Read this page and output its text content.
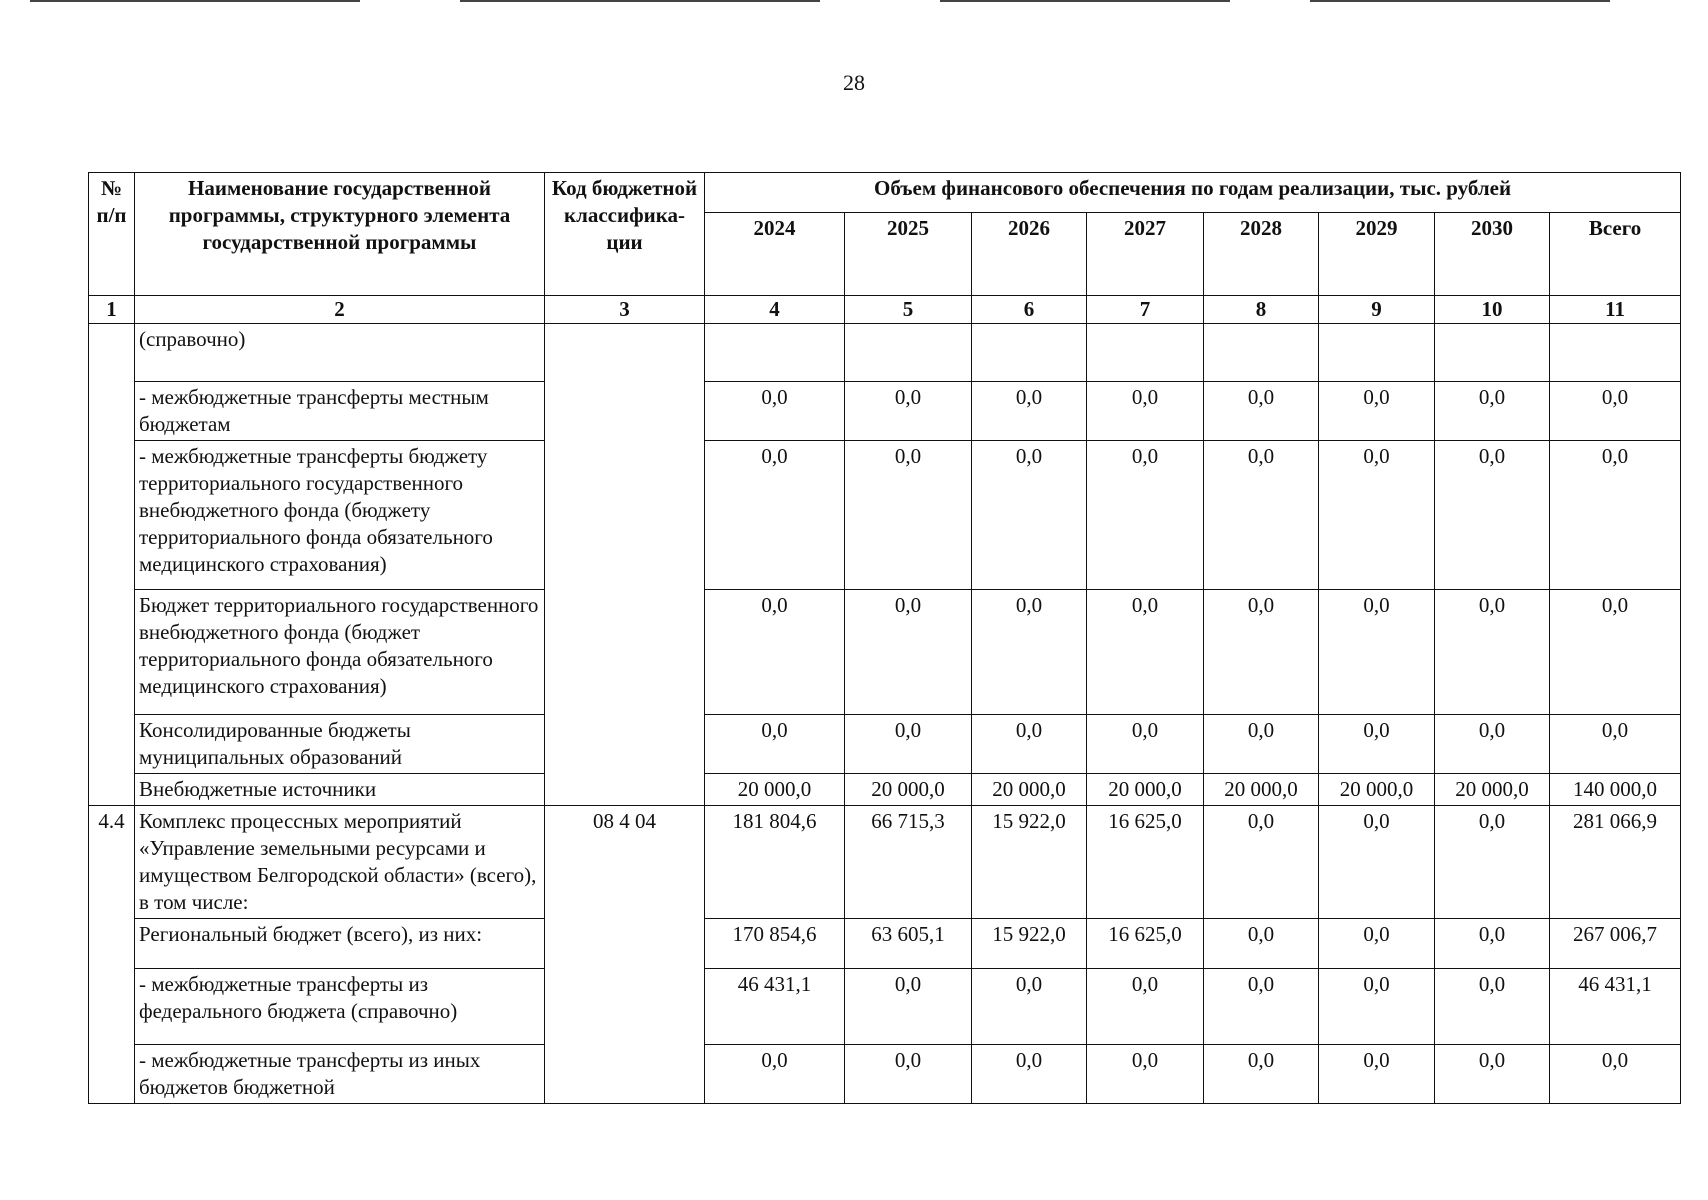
28
№ п/п	Наименование государственной программы, структурного элемента государственной программы	Код бюджетной классифика-ции	Объем финансового обеспечения по годам реализации, тыс. рублей							
			2024	2025	2026	2027	2028	2029	2030	Всего
1	2	3	4	5	6	7	8	9	10	11
	(справочно)									
	- межбюджетные трансферты местным бюджетам		0,0	0,0	0,0	0,0	0,0	0,0	0,0	0,0
	- межбюджетные трансферты бюджету территориального государственного внебюджетного фонда (бюджету территориального фонда обязательного медицинского страхования)		0,0	0,0	0,0	0,0	0,0	0,0	0,0	0,0
	Бюджет территориального государственного внебюджетного фонда (бюджет территориального фонда обязательного медицинского страхования)		0,0	0,0	0,0	0,0	0,0	0,0	0,0	0,0
	Консолидированные бюджеты муниципальных образований		0,0	0,0	0,0	0,0	0,0	0,0	0,0	0,0
	Внебюджетные источники		20 000,0	20 000,0	20 000,0	20 000,0	20 000,0	20 000,0	20 000,0	140 000,0
4.4	Комплекс процессных мероприятий «Управление земельными ресурсами и имуществом Белгородской области» (всего), в том числе:	08 4 04	181 804,6	66 715,3	15 922,0	16 625,0	0,0	0,0	0,0	281 066,9
	Региональный бюджет (всего), из них:		170 854,6	63 605,1	15 922,0	16 625,0	0,0	0,0	0,0	267 006,7
	- межбюджетные трансферты из федерального бюджета (справочно)		46 431,1	0,0	0,0	0,0	0,0	0,0	0,0	46 431,1
	- межбюджетные трансферты из иных бюджетов бюджетной		0,0	0,0	0,0	0,0	0,0	0,0	0,0	0,0
